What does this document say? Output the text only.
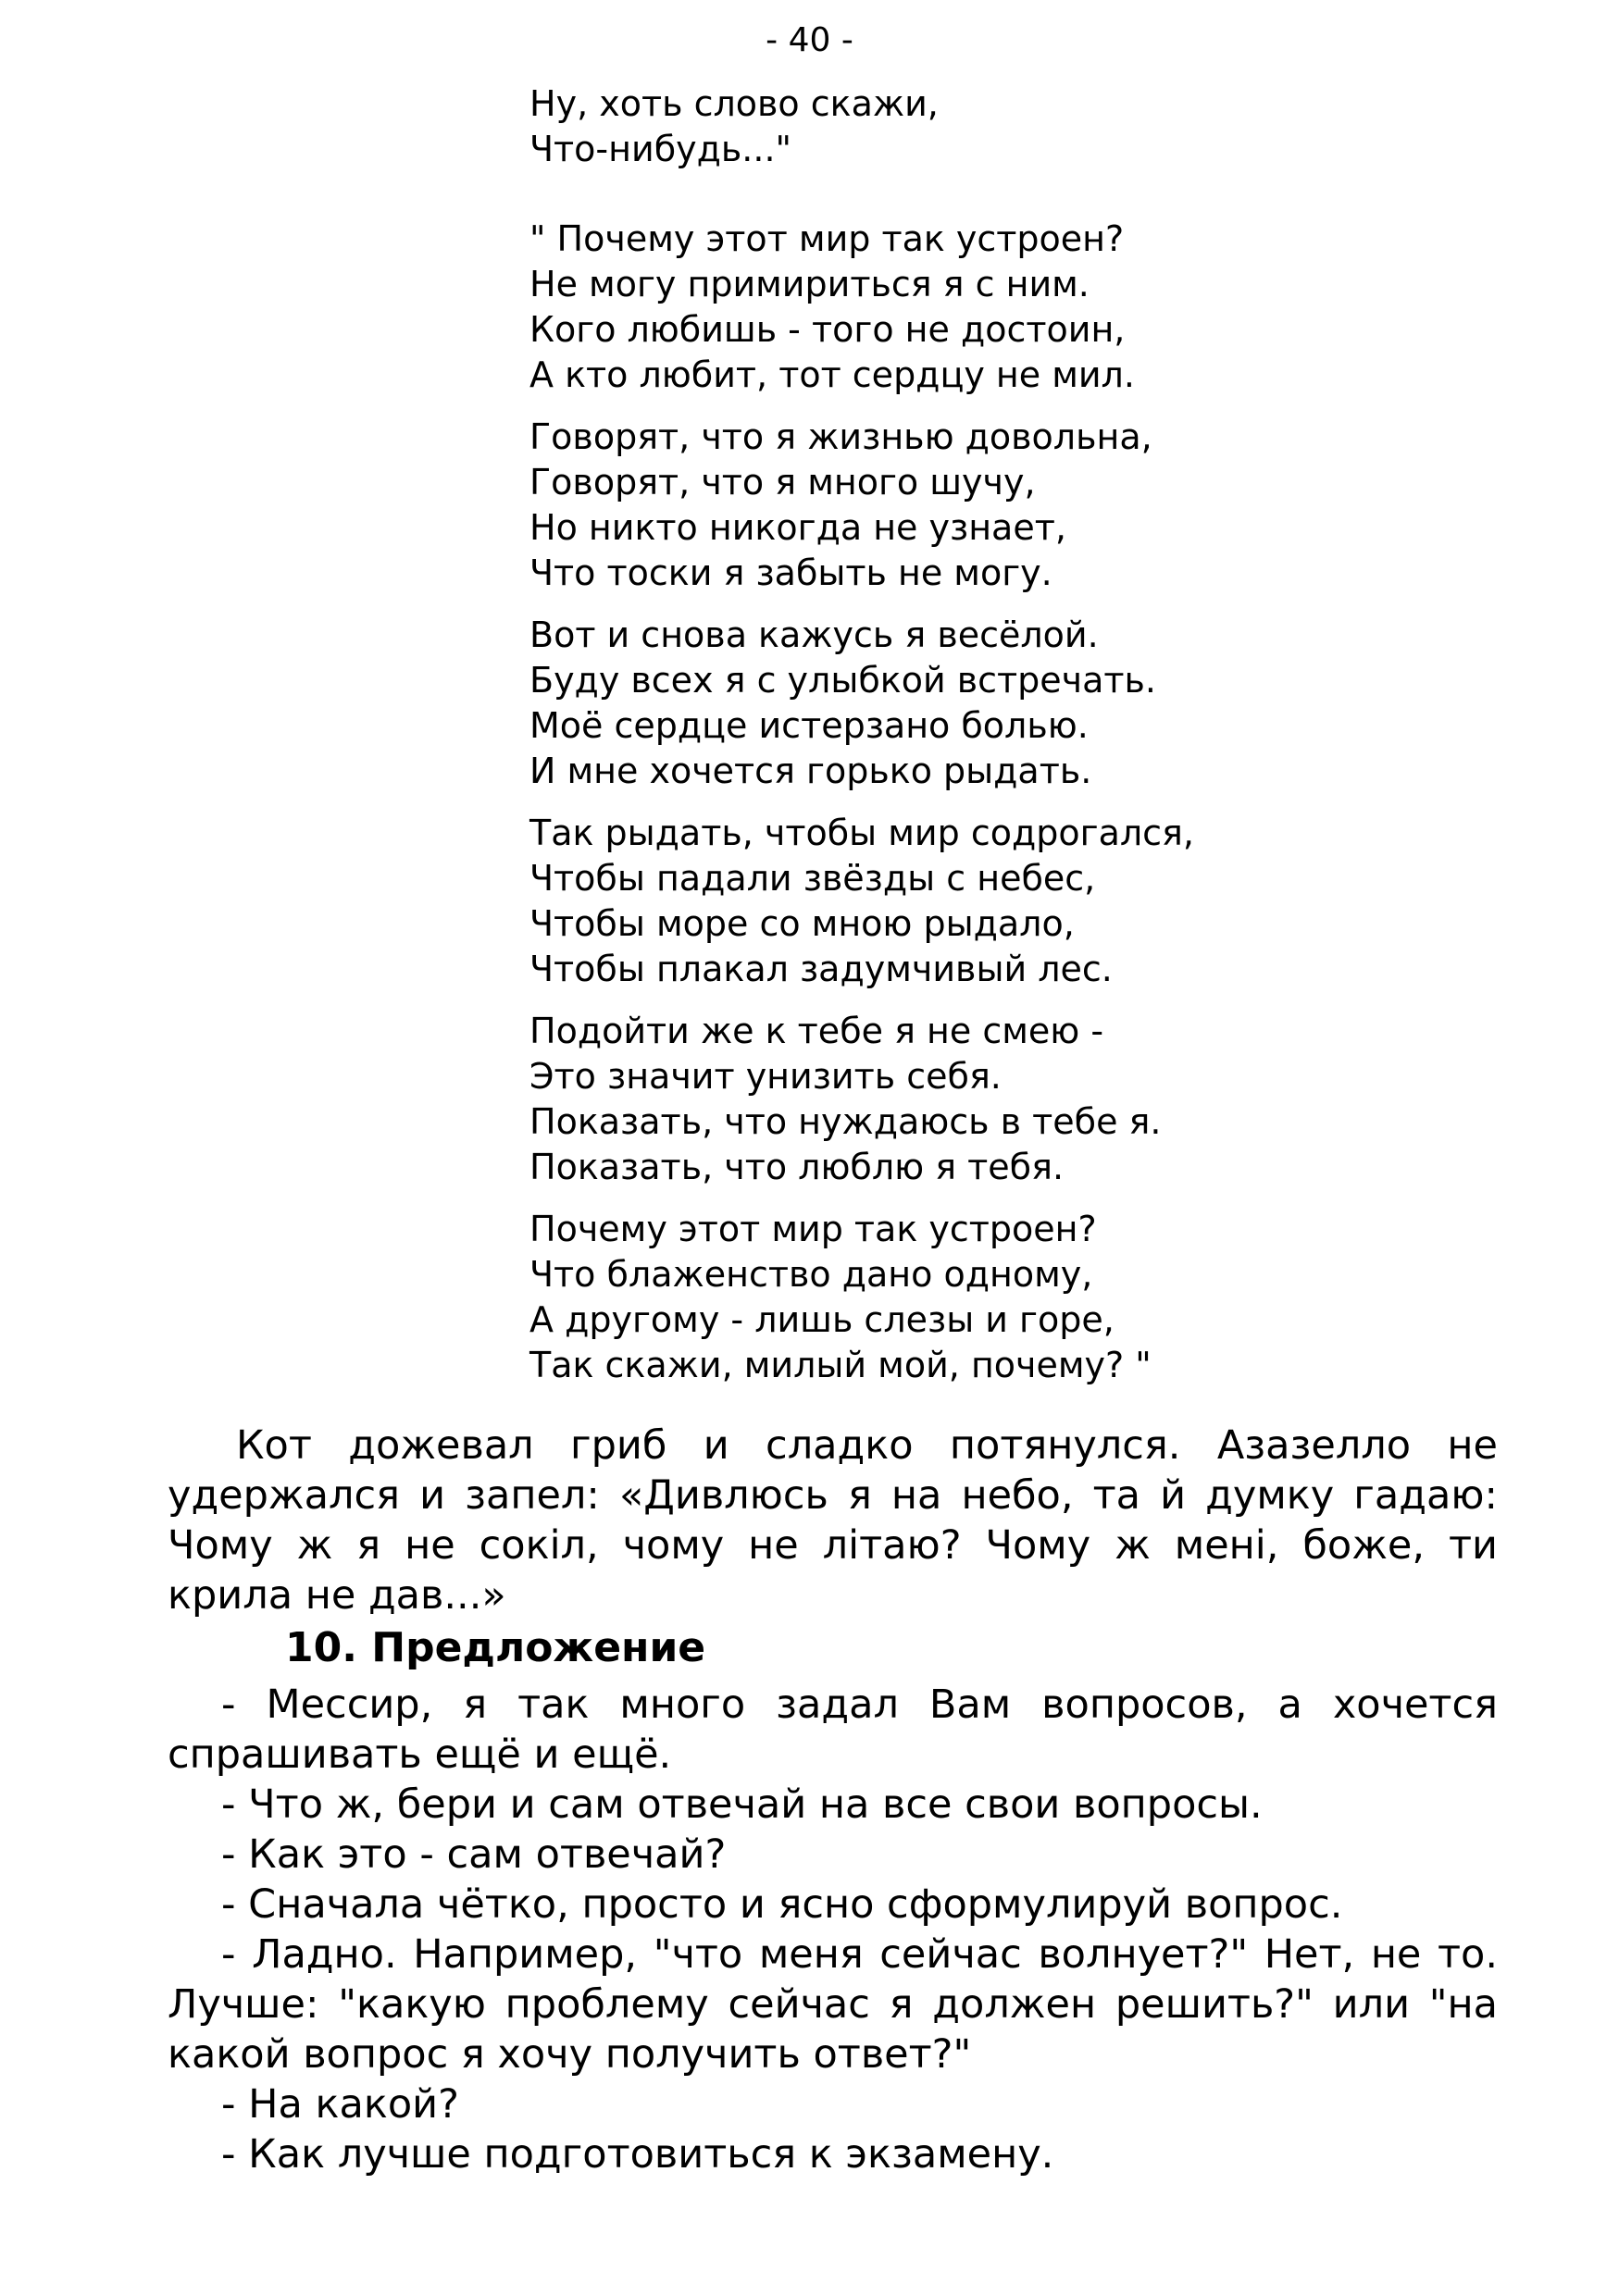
- 40 -
Ну, хоть слово скажи,
Что-нибудь..."
" Почему этот мир так устроен?
Не могу примириться я с ним.
Кого любишь - того не достоин,
А кто любит, тот сердцу не мил.
Говорят, что я жизнью довольна,
Говорят, что я много шучу,
Но никто никогда не узнает,
Что тоски я забыть не могу.
Вот и снова кажусь я весёлой.
Буду всех я с улыбкой встречать.
Моё сердце истерзано болью.
И мне хочется горько рыдать.
Так рыдать, чтобы мир содрогался,
Чтобы падали звёзды с небес,
Чтобы море со мною рыдало,
Чтобы плакал задумчивый лес.
Подойти же к тебе я не смею -
Это значит унизить себя.
Показать, что нуждаюсь в тебе я.
Показать, что люблю я тебя.
Почему этот мир так устроен?
Что блаженство дано одному,
А другому - лишь слезы и горе,
Так скажи, милый мой, почему? "

Кот дожевал гриб и сладко потянулся. Азазелло не удержался и запел: «Дивлюсь я на небо, та й думку гадаю: Чому ж я не сокіл, чому не літаю? Чому ж мені, боже, ти крила не дав...»

10. Предложение

- Мессир, я так много задал Вам вопросов, а хочется спрашивать ещё и ещё.

- Что ж, бери и сам отвечай на все свои вопросы.

- Как это - сам отвечай?

- Сначала чётко, просто и ясно сформулируй вопрос.

- Ладно. Например, "что меня сейчас волнует?" Нет, не то. Лучше: "какую проблему сейчас я должен решить?" или "на какой вопрос я хочу получить ответ?"

- На какой?

- Как лучше подготовиться к экзамену.
